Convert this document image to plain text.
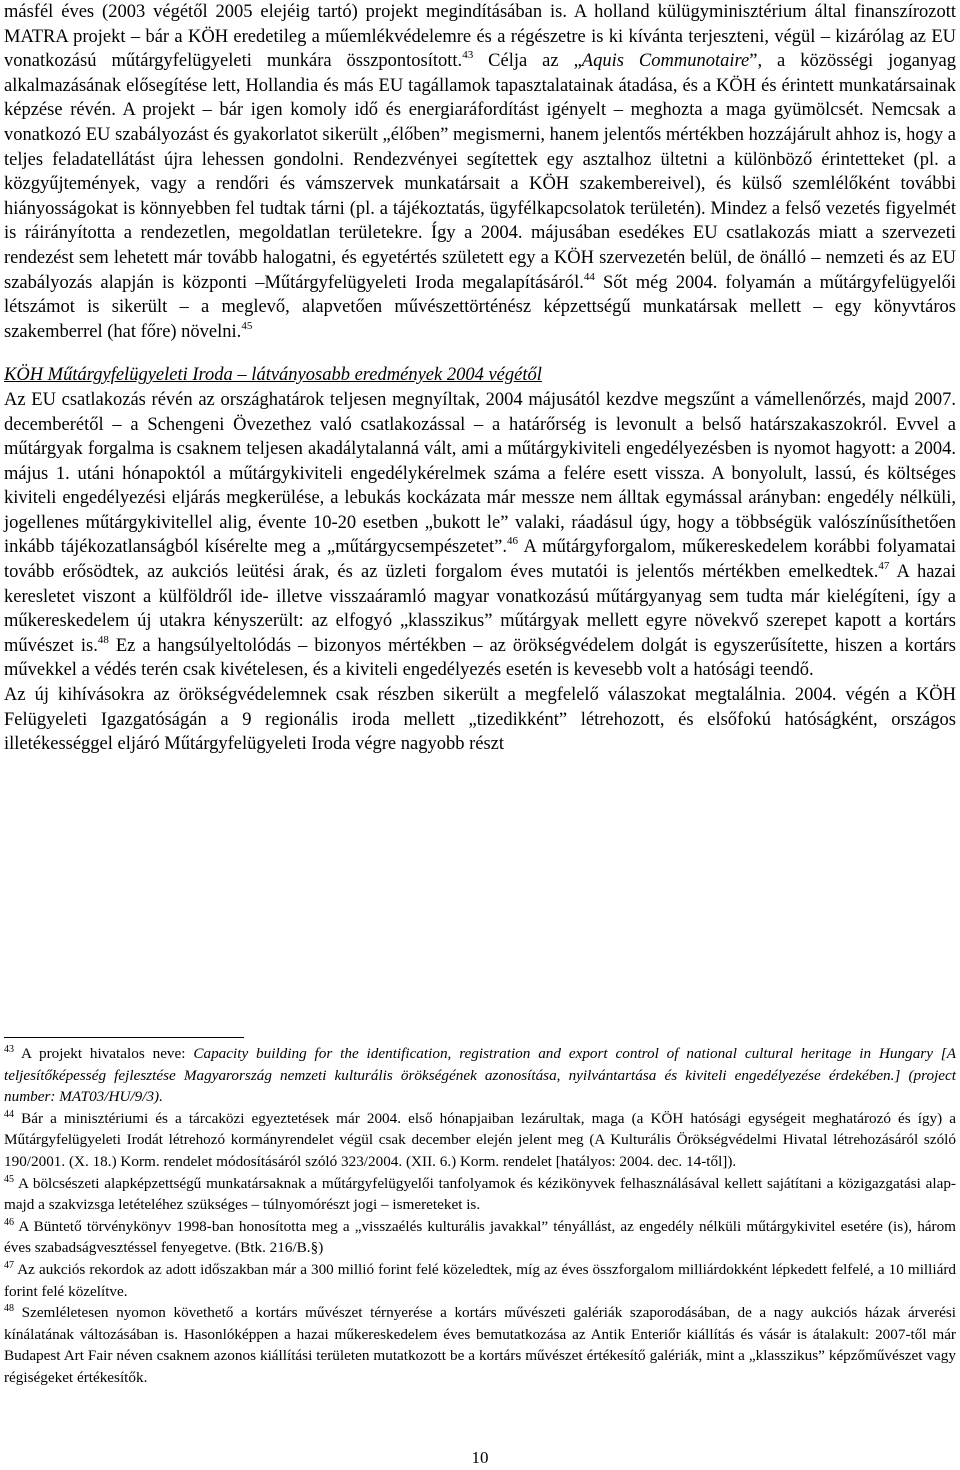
másfél éves (2003 végétől 2005 elejéig tartó) projekt megindításában is. A holland külügyminisztérium által finanszírozott MATRA projekt – bár a KÖH eredetileg a műemlékvédelemre és a régészetre is ki kívánta terjeszteni, végül – kizárólag az EU vonatkozású műtárgyfelügyeleti munkára összpontosított.$^{43}$ Célja az „Aquis Communotaire”, a közösségi joganyag alkalmazásának elősegítése lett, Hollandia és más EU tagállamok tapasztalatainak átadása, és a KÖH és érintett munkatársainak képzése révén. A projekt – bár igen komoly idő és energiaráfordítást igényelt – meghozta a maga gyümölcsét. Nemcsak a vonatkozó EU szabályozást és gyakorlatot sikerült „élőben” megismerni, hanem jelentős mértékben hozzájárult ahhoz is, hogy a teljes feladatellátást újra lehessen gondolni. Rendezvényei segítettek egy asztalhoz ültetni a különböző érintetteket (pl. a közgyűjtemények, vagy a rendőri és vámszervek munkatársait a KÖH szakembereivel), és külső szemlélőként további hiányosságokat is könnyebben fel tudtak tárni (pl. a tájékoztatás, ügyfélkapcsolatok területén). Mindez a felső vezetés figyelmét is ráirányította a rendezetlen, megoldatlan területekre. Így a 2004. májusában esedékes EU csatlakozás miatt a szervezeti rendezést sem lehetett már tovább halogatni, és egyetértés született egy a KÖH szervezetén belül, de önálló – nemzeti és az EU szabályozás alapján is központi –Műtárgyfelügyeleti Iroda megalapításáról.$^{44}$ Sőt még 2004. folyamán a műtárgyfelügyelői létszámot is sikerült – a meglevő, alapvetően művészettörténész képzettségű munkatársak mellett – egy könyvtáros szakemberrel (hat főre) növelni.$^{45}$

KÖH Műtárgyfelügyeleti Iroda – látványosabb eredmények 2004 végétől

Az EU csatlakozás révén az országhatárok teljesen megnyíltak, 2004 májusától kezdve megszűnt a vámellenőrzés, majd 2007. decemberétől – a Schengeni Övezethez való csatlakozással – a határőrség is levonult a belső határszakaszokról. Evvel a műtárgyak forgalma is csaknem teljesen akadálytalanná vált, ami a műtárgykiviteli engedélyezésben is nyomot hagyott: a 2004. május 1. utáni hónapoktól a műtárgykiviteli engedélykérelmek száma a felére esett vissza. A bonyolult, lassú, és költséges kiviteli engedélyezési eljárás megkerülése, a lebukás kockázata már messze nem álltak egymással arányban: engedély nélküli, jogellenes műtárgykivitellel alig, évente 10-20 esetben „bukott le” valaki, ráadásul úgy, hogy a többségük valószínűsíthetően inkább tájékozatlanságból kísérelte meg a „műtárgycsempészetet”.$^{46}$ A műtárgyforgalom, műkereskedelem korábbi folyamatai tovább erősödtek, az aukciós leütési árak, és az üzleti forgalom éves mutatói is jelentős mértékben emelkedtek.$^{47}$ A hazai keresletet viszont a külföldről ide- illetve visszaáramló magyar vonatkozású műtárgyanyag sem tudta már kielégíteni, így a műkereskedelem új utakra kényszerült: az elfogyó „klasszikus” műtárgyak mellett egyre növekvő szerepet kapott a kortárs művészet is.$^{48}$ Ez a hangsúlyeltolódás – bizonyos mértékben – az örökségvédelem dolgát is egyszerűsítette, hiszen a kortárs művekkel a védés terén csak kivételesen, és a kiviteli engedélyezés esetén is kevesebb volt a hatósági teendő.

Az új kihívásokra az örökségvédelemnek csak részben sikerült a megfelelő válaszokat megtalálnia. 2004. végén a KÖH Felügyeleti Igazgatóságán a 9 regionális iroda mellett „tizedikként” létrehozott, és elsőfokú hatóságként, országos illetékességgel eljáró Műtárgyfelügyeleti Iroda végre nagyobb részt

$^{43}$ A projekt hivatalos neve: Capacity building for the identification, registration and export control of national cultural heritage in Hungary [A teljesítőképesség fejlesztése Magyarország nemzeti kulturális örökségének azonosítása, nyilvántartása és kiviteli engedélyezése érdekében.] (project number: MAT03/HU/9/3).

$^{44}$ Bár a minisztériumi és a tárcaközi egyeztetések már 2004. első hónapjaiban lezárultak, maga (a KÖH hatósági egységeit meghatározó és így) a Műtárgyfelügyeleti Irodát létrehozó kormányrendelet végül csak december elején jelent meg (A Kulturális Örökségvédelmi Hivatal létrehozásáról szóló 190/2001. (X. 18.) Korm. rendelet módosításáról szóló 323/2004. (XII. 6.) Korm. rendelet [hatályos: 2004. dec. 14-től]).

$^{45}$ A bölcsészeti alapképzettségű munkatársaknak a műtárgyfelügyelői tanfolyamok és kézikönyvek felhasználásával kellett sajátítani a közigazgatási alap- majd a szakvizsga letételéhez szükséges – túlnyomórészt jogi – ismereteket is.

$^{46}$ A Büntető törvénykönyv 1998-ban honosította meg a „visszaélés kulturális javakkal” tényállást, az engedély nélküli műtárgykivitel esetére (is), három éves szabadságvesztéssel fenyegetve. (Btk. 216/B.§)

$^{47}$ Az aukciós rekordok az adott időszakban már a 300 millió forint felé közeledtek, míg az éves összforgalom milliárdokként lépkedett felfelé, a 10 milliárd forint felé közelítve.

$^{48}$ Szemléletesen nyomon követhető a kortárs művészet térnyerése a kortárs művészeti galériák szaporodásában, de a nagy aukciós házak árverési kínálatának változásában is. Hasonlóképpen a hazai műkereskedelem éves bemutatkozása az Antik Enteriőr kiállítás és vásár is átalakult: 2007-től már Budapest Art Fair néven csaknem azonos kiállítási területen mutatkozott be a kortárs művészet értékesítő galériák, mint a „klasszikus” képzőművészet vagy régiségeket értékesítők.

10
